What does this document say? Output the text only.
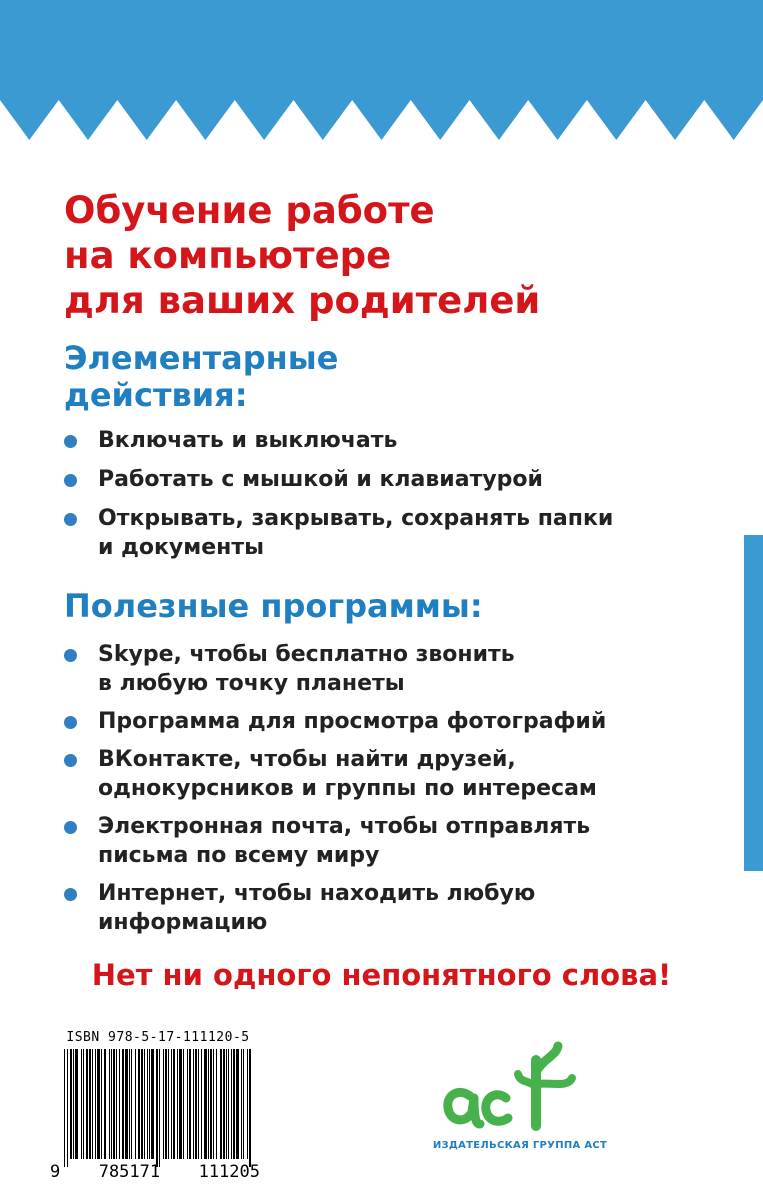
Обучение работе
на компьютере
для ваших родителей
Элементарные
действия:
Включать и выключать
Работать с мышкой и клавиатурой
Открывать, закрывать, сохранять папки
и документы
Полезные программы:
Skype, чтобы бесплатно звонить
в любую точку планеты
Программа для просмотра фотографий
ВКонтакте, чтобы найти друзей,
однокурсников и группы по интересам
Электронная почта, чтобы отправлять
письма по всему миру
Интернет, чтобы находить любую
информацию

Нет ни одного непонятного слова!

ISBN 978-5-17-111120-5
9 785171 111205
ИЗДАТЕЛЬСКАЯ ГРУППА АСТ
